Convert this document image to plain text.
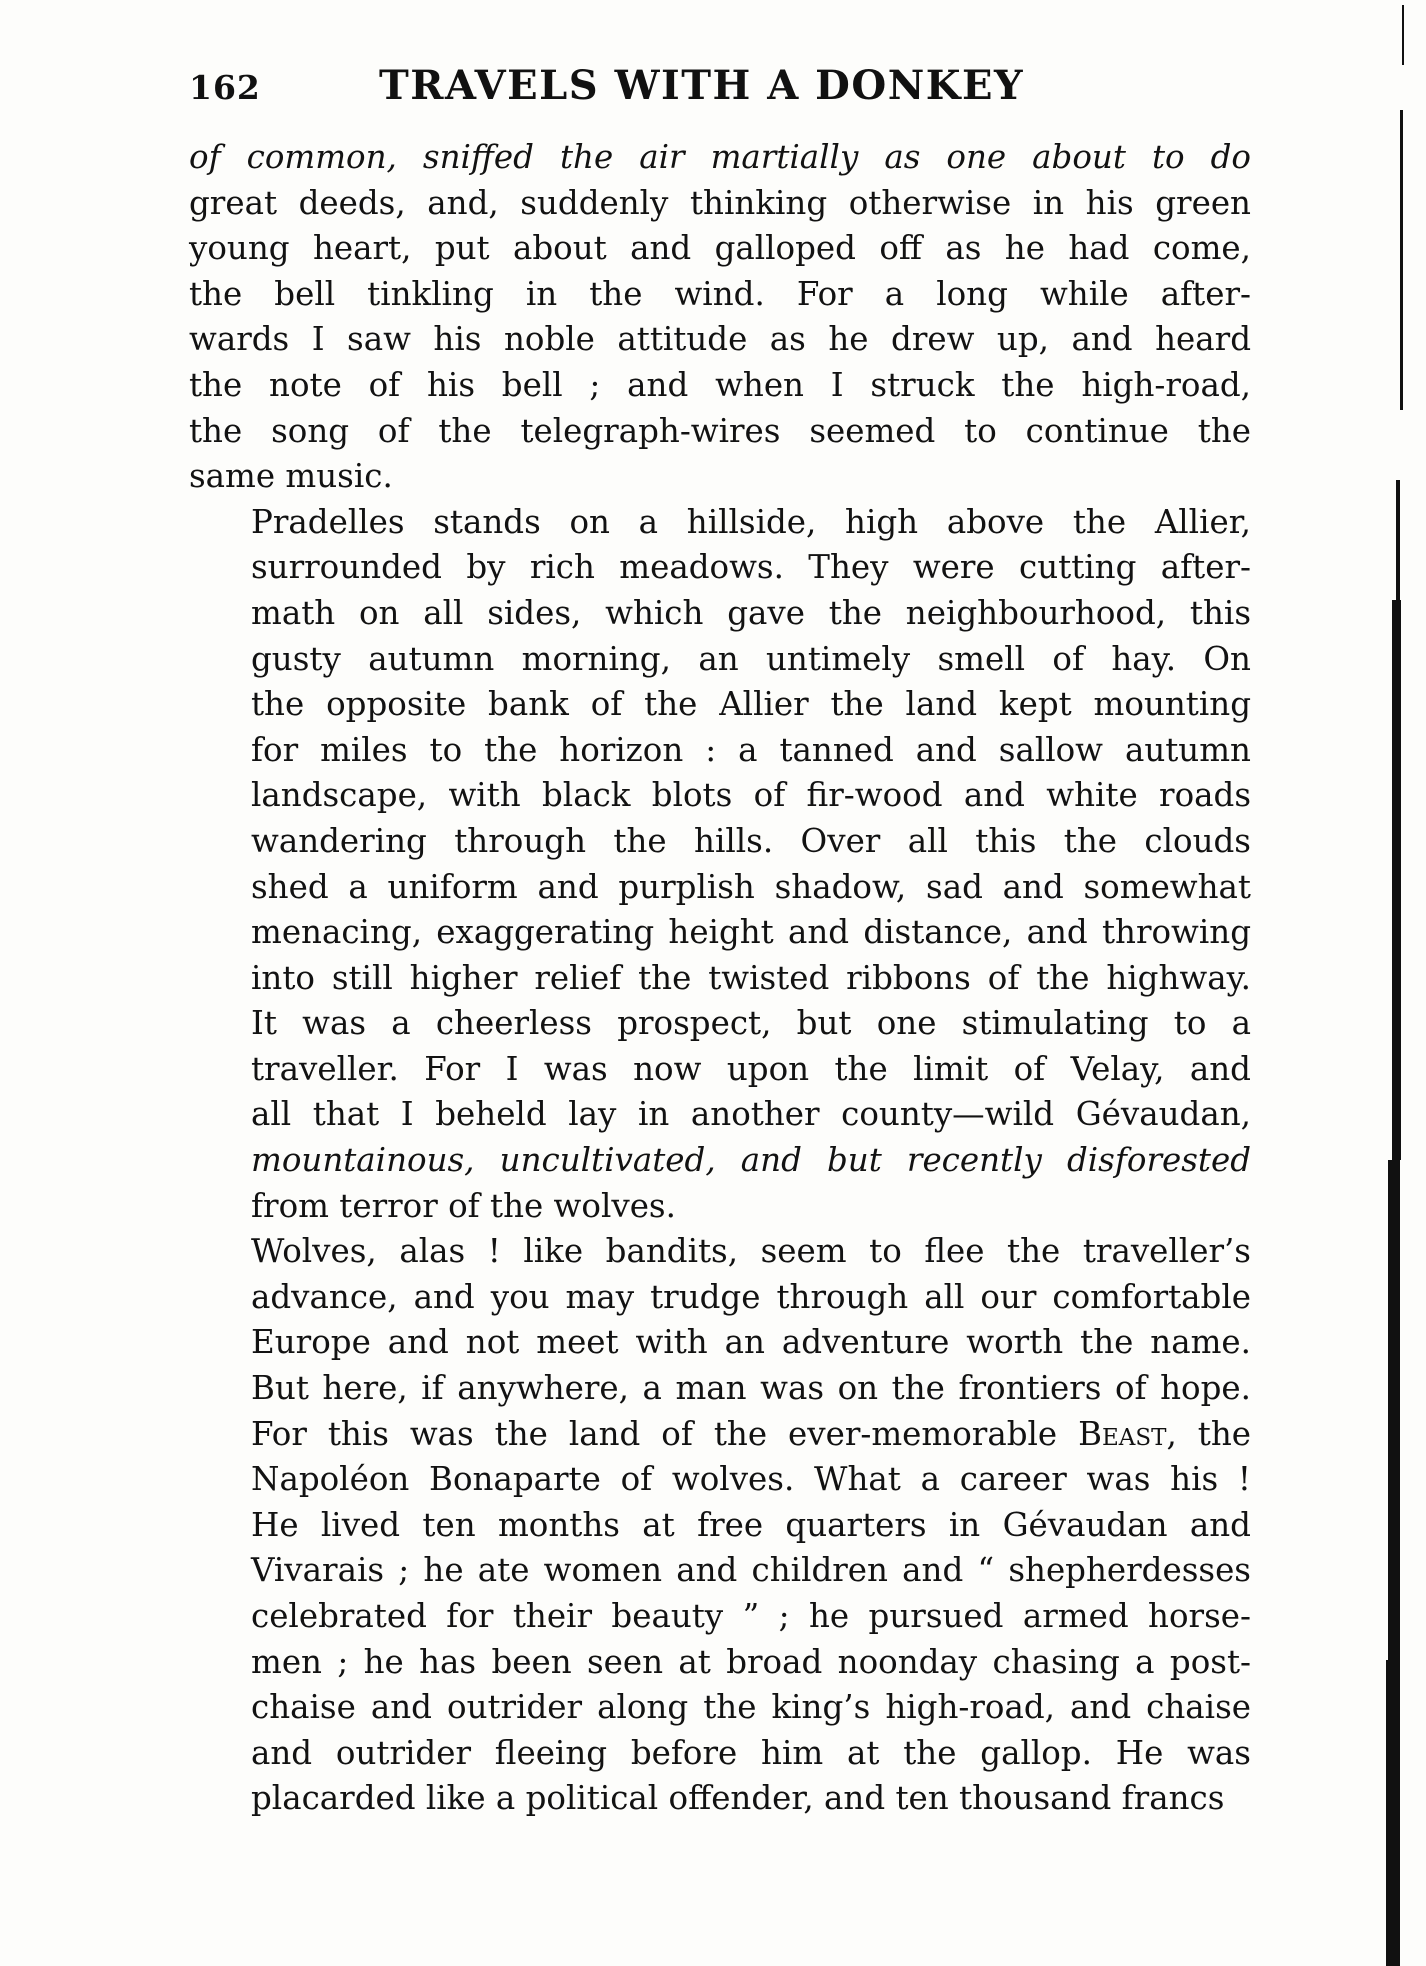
162	TRAVELS WITH A DONKEY

of common, sniffed the air martially as one about to do
great deeds, and, suddenly thinking otherwise in his green
young heart, put about and galloped off as he had come,
the bell tinkling in the wind. For a long while after-
wards I saw his noble attitude as he drew up, and heard
the note of his bell ; and when I struck the high-road,
the song of the telegraph-wires seemed to continue the
same music.

Pradelles stands on a hillside, high above the Allier,
surrounded by rich meadows. They were cutting after-
math on all sides, which gave the neighbourhood, this
gusty autumn morning, an untimely smell of hay. On
the opposite bank of the Allier the land kept mounting
for miles to the horizon : a tanned and sallow autumn
landscape, with black blots of fir-wood and white roads
wandering through the hills. Over all this the clouds
shed a uniform and purplish shadow, sad and somewhat
menacing, exaggerating height and distance, and throwing
into still higher relief the twisted ribbons of the highway.
It was a cheerless prospect, but one stimulating to a
traveller. For I was now upon the limit of Velay, and
all that I beheld lay in another county—wild Gévaudan,
mountainous, uncultivated, and but recently disforested
from terror of the wolves.

Wolves, alas ! like bandits, seem to flee the traveller’s
advance, and you may trudge through all our comfortable
Europe and not meet with an adventure worth the name.
But here, if anywhere, a man was on the frontiers of hope.
For this was the land of the ever-memorable Beast, the
Napoléon Bonaparte of wolves. What a career was his !
He lived ten months at free quarters in Gévaudan and
Vivarais ; he ate women and children and “ shepherdesses
celebrated for their beauty ” ; he pursued armed horse-
men ; he has been seen at broad noonday chasing a post-
chaise and outrider along the king’s high-road, and chaise
and outrider fleeing before him at the gallop. He was
placarded like a political offender, and ten thousand francs
